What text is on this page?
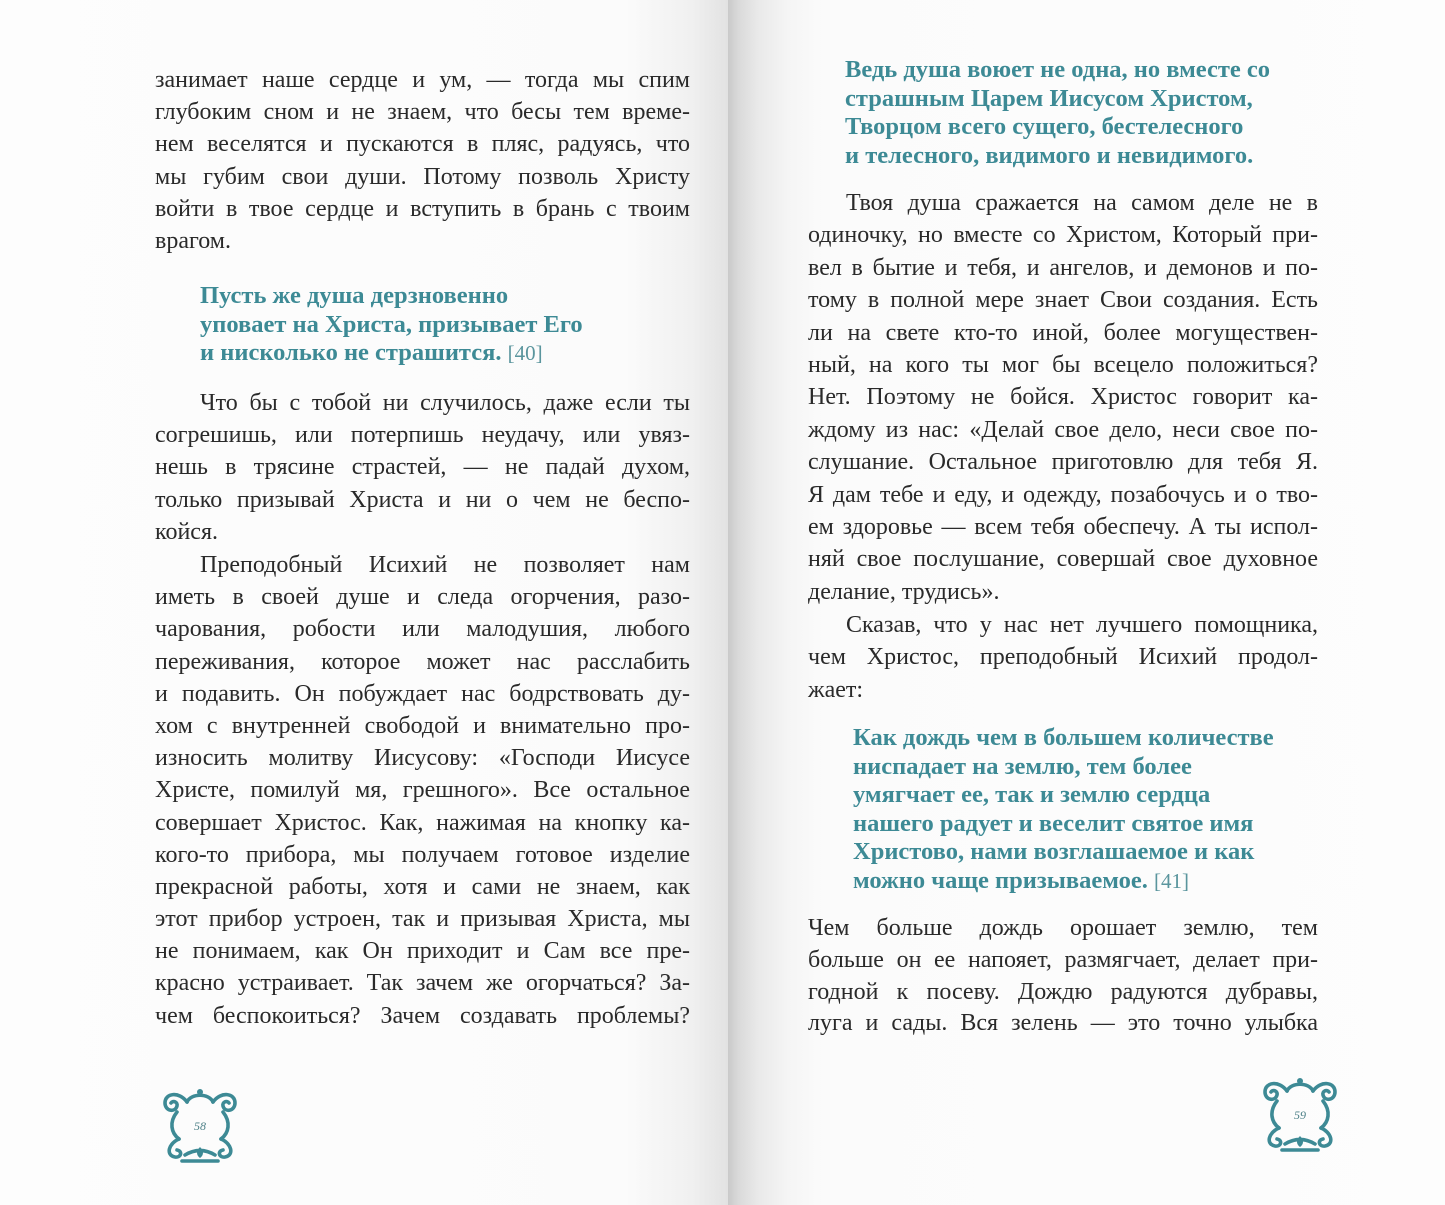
занимает наше сердце и ум, — тогда мы спим
глубоким сном и не знаем, что бесы тем време-
нем веселятся и пускаются в пляс, радуясь, что
мы губим свои души. Потому позволь Христу
войти в твое сердце и вступить в брань с твоим
врагом.
Пусть же душа дерзновенно
уповает на Христа, призывает Его
и нисколько не страшится. [40]
Что бы с тобой ни случилось, даже если ты
согрешишь, или потерпишь неудачу, или увяз-
нешь в трясине страстей, — не падай духом,
только призывай Христа и ни о чем не беспо-
койся.
Преподобный Исихий не позволяет нам
иметь в своей душе и следа огорчения, разо-
чарования, робости или малодушия, любого
переживания, которое может нас расслабить
и подавить. Он побуждает нас бодрствовать ду-
хом с внутренней свободой и внимательно про-
износить молитву Иисусову: «Господи Иисусе
Христе, помилуй мя, грешного». Все остальное
совершает Христос. Как, нажимая на кнопку ка-
кого-то прибора, мы получаем готовое изделие
прекрасной работы, хотя и сами не знаем, как
этот прибор устроен, так и призывая Христа, мы
не понимаем, как Он приходит и Сам все пре-
красно устраивает. Так зачем же огорчаться? За-
чем беспокоиться? Зачем создавать проблемы?
58
Ведь душа воюет не одна, но вместе со
страшным Царем Иисусом Христом,
Творцом всего сущего, бестелесного
и телесного, видимого и невидимого.
Твоя душа сражается на самом деле не в
одиночку, но вместе со Христом, Который при-
вел в бытие и тебя, и ангелов, и демонов и по-
тому в полной мере знает Свои создания. Есть
ли на свете кто-то иной, более могуществен-
ный, на кого ты мог бы всецело положиться?
Нет. Поэтому не бойся. Христос говорит ка-
ждому из нас: «Делай свое дело, неси свое по-
слушание. Остальное приготовлю для тебя Я.
Я дам тебе и еду, и одежду, позабочусь и о тво-
ем здоровье — всем тебя обеспечу. А ты испол-
няй свое послушание, совершай свое духовное
делание, трудись».
Сказав, что у нас нет лучшего помощника,
чем Христос, преподобный Исихий продол-
жает:
Как дождь чем в большем количестве
ниспадает на землю, тем более
умягчает ее, так и землю сердца
нашего радует и веселит святое имя
Христово, нами возглашаемое и как
можно чаще призываемое. [41]
Чем больше дождь орошает землю, тем
больше он ее напояет, размягчает, делает при-
годной к посеву. Дождю радуются дубравы,
луга и сады. Вся зелень — это точно улыбка
59
